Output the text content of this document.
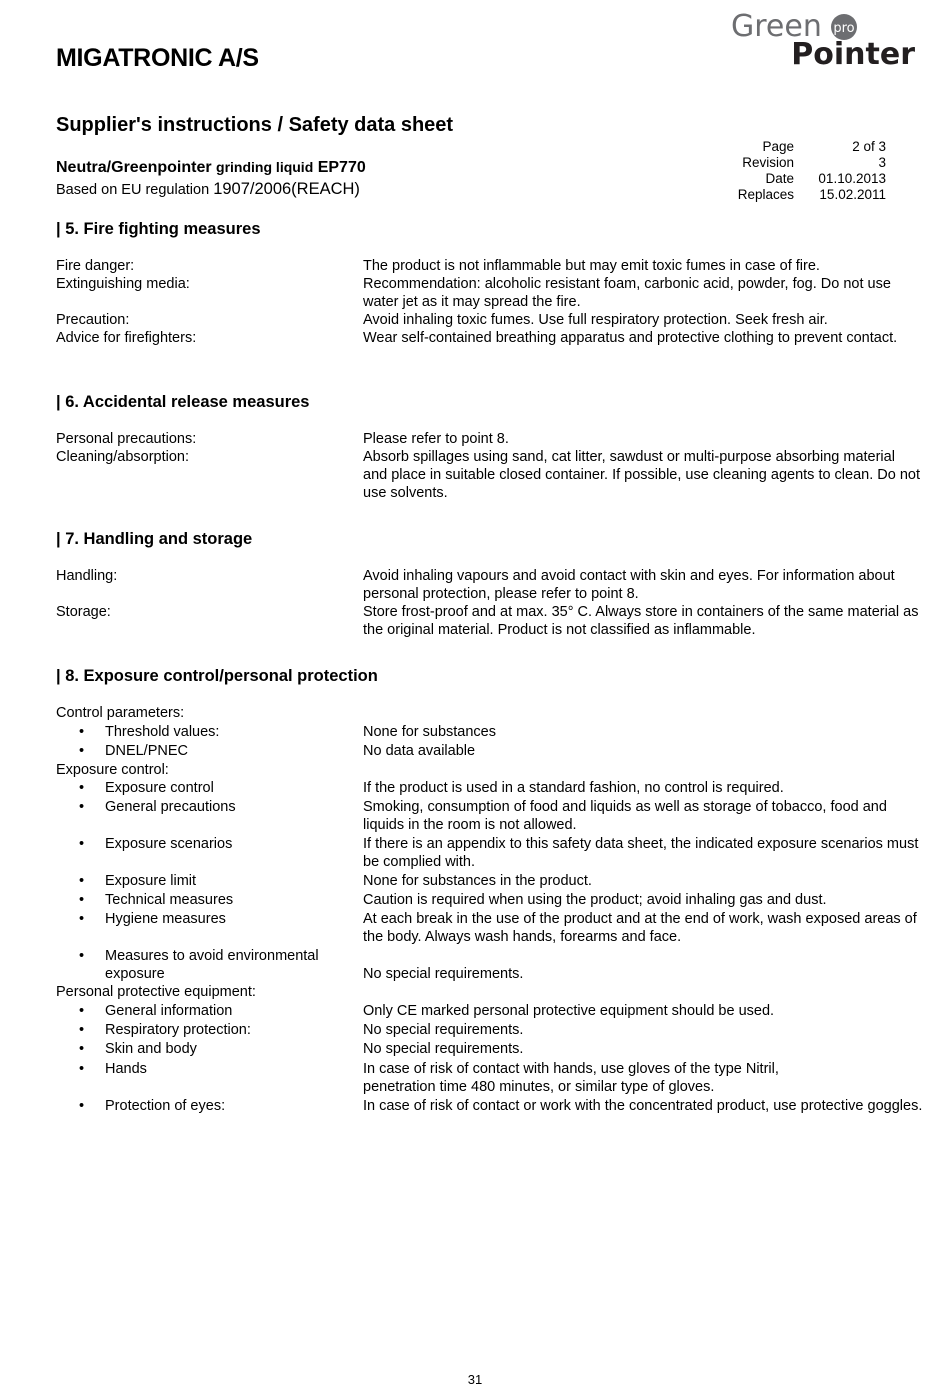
MIGATRONIC A/S
Green pro
Pointer
Supplier's instructions / Safety data sheet
Neutra/Greenpointer grinding liquid EP770
Based on EU regulation 1907/2006(REACH)
Page	2 of 3
Revision	3
Date	01.10.2013
Replaces	15.02.2011
| 5. Fire fighting measures
Fire danger:	The product is not inflammable but may emit toxic fumes in case of fire.
Extinguishing media:	Recommendation: alcoholic resistant foam, carbonic acid, powder, fog. Do not use water jet as it may spread the fire.
Precaution:	Avoid inhaling toxic fumes. Use full respiratory protection. Seek fresh air.
Advice for firefighters:	Wear self-contained breathing apparatus and protective clothing to prevent contact.
| 6. Accidental release measures
Personal precautions:	Please refer to point 8.
Cleaning/absorption:	Absorb spillages using sand, cat litter, sawdust or multi-purpose absorbing material and place in suitable closed container. If possible, use cleaning agents to clean. Do not use solvents.
| 7. Handling and storage
Handling:	Avoid inhaling vapours and avoid contact with skin and eyes. For information about personal protection, please refer to point 8.
Storage:	Store frost-proof and at max. 35° C. Always store in containers of the same material as the original material. Product is not classified as inflammable.
| 8. Exposure control/personal protection
Control parameters:
• Threshold values:	None for substances
• DNEL/PNEC	No data available
Exposure control:
• Exposure control	If the product is used in a standard fashion, no control is required.
• General precautions	Smoking, consumption of food and liquids as well as storage of tobacco, food and liquids in the room is not allowed.
• Exposure scenarios	If there is an appendix to this safety data sheet, the indicated exposure scenarios must be complied with.
• Exposure limit	None for substances in the product.
• Technical measures	Caution is required when using the product; avoid inhaling gas and dust.
• Hygiene measures	At each break in the use of the product and at the end of work, wash exposed areas of the body. Always wash hands, forearms and face.
• Measures to avoid environmental exposure	No special requirements.
Personal protective equipment:
• General information	Only CE marked personal protective equipment should be used.
• Respiratory protection:	No special requirements.
• Skin and body	No special requirements.
• Hands	In case of risk of contact with hands, use gloves of the type Nitril, penetration time 480 minutes, or similar type of gloves.
• Protection of eyes:	In case of risk of contact or work with the concentrated product, use protective goggles.
31
